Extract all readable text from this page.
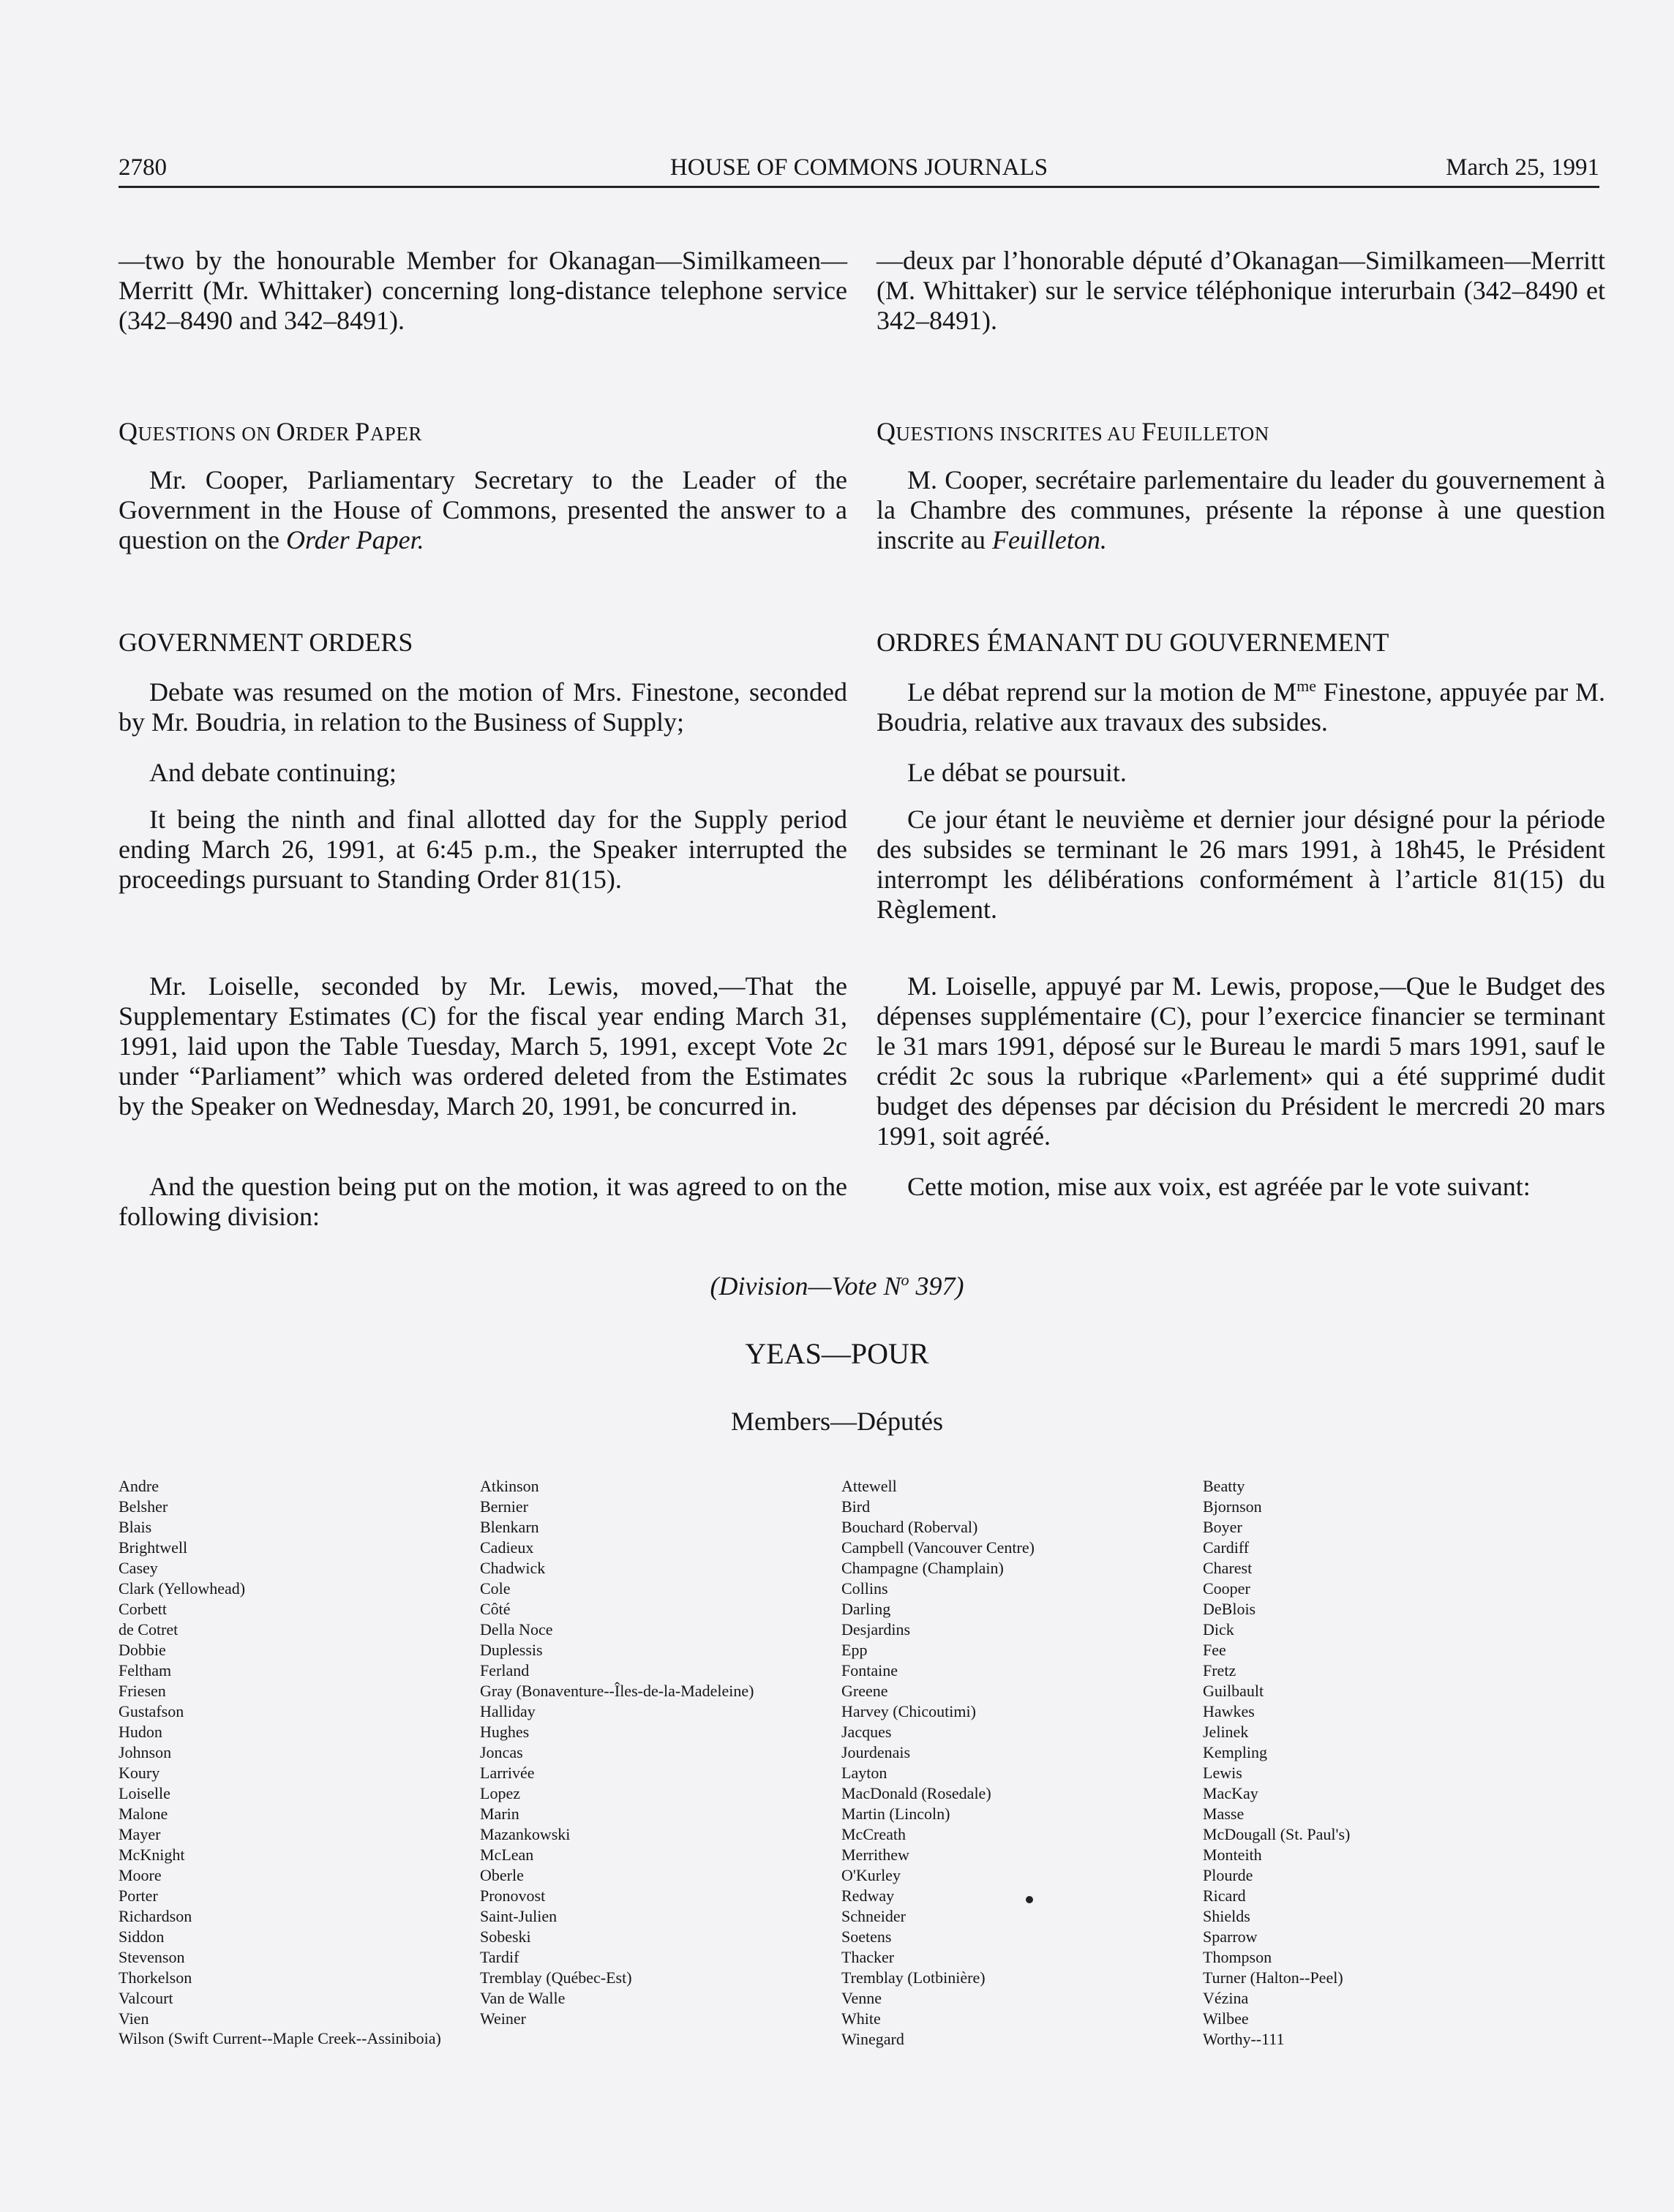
2780	HOUSE OF COMMONS JOURNALS	March 25, 1991

—two by the honourable Member for Okanagan—Similkameen—Merritt (Mr. Whittaker) concerning long-distance telephone service (342–8490 and 342–8491).

QUESTIONS ON ORDER PAPER

Mr. Cooper, Parliamentary Secretary to the Leader of the Government in the House of Commons, presented the answer to a question on the Order Paper.

GOVERNMENT ORDERS

Debate was resumed on the motion of Mrs. Finestone, seconded by Mr. Boudria, in relation to the Business of Supply;

And debate continuing;

It being the ninth and final allotted day for the Supply period ending March 26, 1991, at 6:45 p.m., the Speaker interrupted the proceedings pursuant to Standing Order 81(15).

Mr. Loiselle, seconded by Mr. Lewis, moved,—That the Supplementary Estimates (C) for the fiscal year ending March 31, 1991, laid upon the Table Tuesday, March 5, 1991, except Vote 2c under “Parliament” which was ordered deleted from the Estimates by the Speaker on Wednesday, March 20, 1991, be concurred in.

And the question being put on the motion, it was agreed to on the following division:

—deux par l’honorable député d’Okanagan—Similkameen—Merritt (M. Whittaker) sur le service téléphonique interurbain (342–8490 et 342–8491).

QUESTIONS INSCRITES AU FEUILLETON

M. Cooper, secrétaire parlementaire du leader du gouvernement à la Chambre des communes, présente la réponse à une question inscrite au Feuilleton.

ORDRES ÉMANANT DU GOUVERNEMENT

Le débat reprend sur la motion de $M^{me}$ Finestone, appuyée par M. Boudria, relative aux travaux des subsides.

Le débat se poursuit.

Ce jour étant le neuvième et dernier jour désigné pour la période des subsides se terminant le 26 mars 1991, à 18h45, le Président interrompt les délibérations conformément à l’article 81(15) du Règlement.

M. Loiselle, appuyé par M. Lewis, propose,—Que le Budget des dépenses supplémentaire (C), pour l’exercice financier se terminant le 31 mars 1991, déposé sur le Bureau le mardi 5 mars 1991, sauf le crédit 2c sous la rubrique «Parlement» qui a été supprimé dudit budget des dépenses par décision du Président le mercredi 20 mars 1991, soit agréé.

Cette motion, mise aux voix, est agréée par le vote suivant:

(Division—Vote $N^o$ 397)
YEAS—POUR
Members—Députés
Andre
Belsher
Blais
Brightwell
Casey
Clark (Yellowhead)
Corbett
de Cotret
Dobbie
Feltham
Friesen
Gustafson
Hudon
Johnson
Koury
Loiselle
Malone
Mayer
McKnight
Moore
Porter
Richardson
Siddon
Stevenson
Thorkelson
Valcourt
Vien
Atkinson
Bernier
Blenkarn
Cadieux
Chadwick
Cole
Côté
Della Noce
Duplessis
Ferland
Gray (Bonaventure--Îles-de-la-Madeleine)
Halliday
Hughes
Joncas
Larrivée
Lopez
Marin
Mazankowski
McLean
Oberle
Pronovost
Saint-Julien
Sobeski
Tardif
Tremblay (Québec-Est)
Van de Walle
Weiner
Attewell
Bird
Bouchard (Roberval)
Campbell (Vancouver Centre)
Champagne (Champlain)
Collins
Darling
Desjardins
Epp
Fontaine
Greene
Harvey (Chicoutimi)
Jacques
Jourdenais
Layton
MacDonald (Rosedale)
Martin (Lincoln)
McCreath
Merrithew
O'Kurley
Redway
Schneider
Soetens
Thacker
Tremblay (Lotbinière)
Venne
White
Winegard
Beatty
Bjornson
Boyer
Cardiff
Charest
Cooper
DeBlois
Dick
Fee
Fretz
Guilbault
Hawkes
Jelinek
Kempling
Lewis
MacKay
Masse
McDougall (St. Paul's)
Monteith
Plourde
Ricard
Shields
Sparrow
Thompson
Turner (Halton--Peel)
Vézina
Wilbee
Worthy--111
Wilson (Swift Current--Maple Creek--Assiniboia)
